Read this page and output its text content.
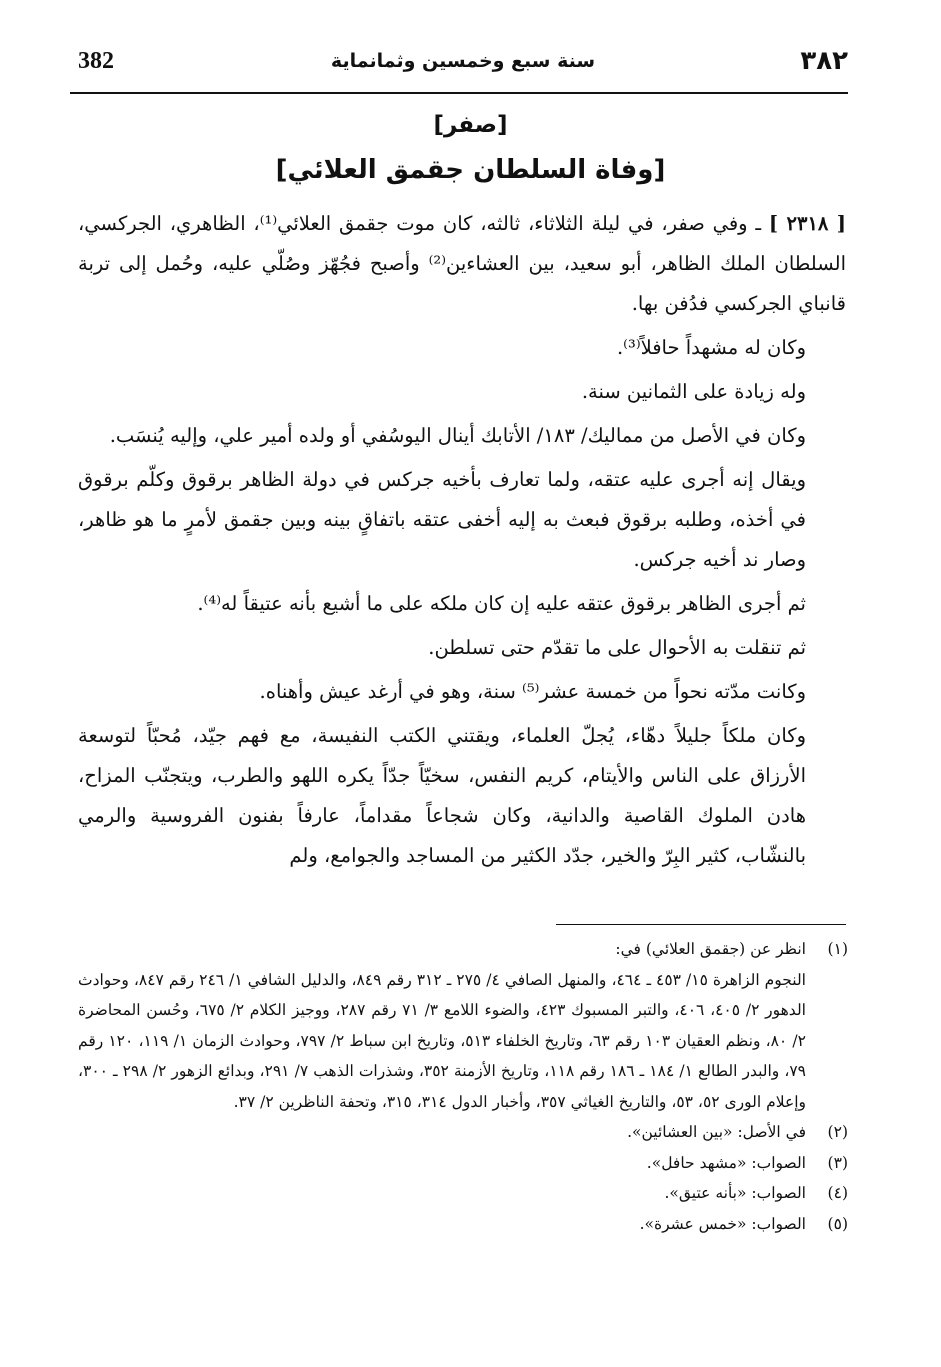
382	سنة سبع وخمسين وثمانماية	٣٨٢
[صفر]
[وفاة السلطان جقمق العلائي]

[ ٢٣١٨ ] ـ وفي صفر، في ليلة الثلاثاء، ثالثه، كان موت جقمق العلائي⁽¹⁾، الظاهري، الجركسي، السلطان الملك الظاهر، أبو سعيد، بين العشاءين⁽²⁾ وأصبح فجُهّز وصُلّي عليه، وحُمل إلى تربة قانباي الجركسي فدُفن بها.

وكان له مشهداً حافلاً⁽³⁾.

وله زيادة على الثمانين سنة.

وكان في الأصل من مماليك/ ١٨٣/ الأتابك أينال اليوسُفي أو ولده أمير علي، وإليه يُنسَب.

ويقال إنه أجرى عليه عتقه، ولما تعارف بأخيه جركس في دولة الظاهر برقوق وكلّم برقوق في أخذه، وطلبه برقوق فبعث به إليه أخفى عتقه باتفاقٍ بينه وبين جقمق لأمرٍ ما هو ظاهر، وصار ند أخيه جركس.

ثم أجرى الظاهر برقوق عتقه عليه إن كان ملكه على ما أشيع بأنه عتيقاً له⁽⁴⁾.

ثم تنقلت به الأحوال على ما تقدّم حتى تسلطن.

وكانت مدّته نحواً من خمسة عشر⁽⁵⁾ سنة، وهو في أرغد عيش وأهناه.

وكان ملكاً جليلاً دهّاء، يُجلّ العلماء، ويقتني الكتب النفيسة، مع فهم جيّد، مُحبّاً لتوسعة الأرزاق على الناس والأيتام، كريم النفس، سخيّاً جدّاً يكره اللهو والطرب، ويتجنّب المزاح، هادن الملوك القاصية والدانية، وكان شجاعاً مقداماً، عارفاً بفنون الفروسية والرمي بالنشّاب، كثير البِرّ والخير، جدّد الكثير من المساجد والجوامع، ولم

(١)

انظر عن (جقمق العلائي) في:

النجوم الزاهرة ١٥/ ٤٥٣ ـ ٤٦٤، والمنهل الصافي ٤/ ٢٧٥ ـ ٣١٢ رقم ٨٤٩، والدليل الشافي ١/ ٢٤٦ رقم ٨٤٧، وحوادث الدهور ٢/ ٤٠٥، ٤٠٦، والتبر المسبوك ٤٢٣، والضوء اللامع ٣/ ٧١ رقم ٢٨٧، ووجيز الكلام ٢/ ٦٧٥، وحُسن المحاضرة ٢/ ٨٠، ونظم العقيان ١٠٣ رقم ٦٣، وتاريخ الخلفاء ٥١٣، وتاريخ ابن سباط ٢/ ٧٩٧، وحوادث الزمان ١/ ١١٩، ١٢٠ رقم ٧٩، والبدر الطالع ١/ ١٨٤ ـ ١٨٦ رقم ١١٨، وتاريخ الأزمنة ٣٥٢، وشذرات الذهب ٧/ ٢٩١، وبدائع الزهور ٢/ ٢٩٨ ـ ٣٠٠، وإعلام الورى ٥٢، ٥٣، والتاريخ الغياثي ٣٥٧، وأخبار الدول ٣١٤، ٣١٥، وتحفة الناظرين ٢/ ٣٧.

(٢)
في الأصل: «بين العشائين».
(٣)
الصواب: «مشهد حافل».
(٤)
الصواب: «بأنه عتيق».
(٥)
الصواب: «خمس عشرة».
